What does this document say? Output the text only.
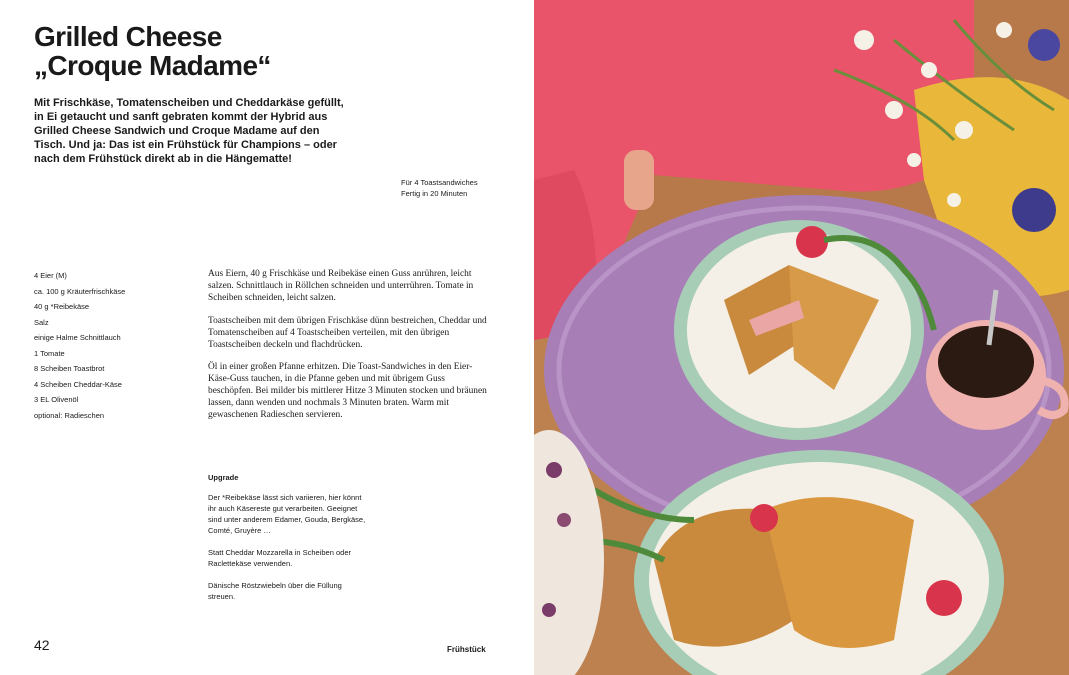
Grilled Cheese
„Croque Madame“

Mit Frischkäse, Tomatenscheiben und Cheddarkäse gefüllt, in Ei getaucht und sanft gebraten kommt der Hybrid aus Grilled Cheese Sandwich und Croque Madame auf den Tisch. Und ja: Das ist ein Frühstück für Champions – oder nach dem Frühstück direkt ab in die Hängematte!

Für 4 Toastsandwiches
Fertig in 20 Minuten
4 Eier (M)
ca. 100 g Kräuterfrischkäse
40 g *Reibekäse
Salz
einige Halme Schnittlauch
1 Tomate
8 Scheiben Toastbrot
4 Scheiben Cheddar-Käse
3 EL Olivenöl
optional: Radieschen

Aus Eiern, 40 g Frischkäse und Reibekäse einen Guss anrühren, leicht salzen. Schnittlauch in Röllchen schneiden und unterrühren. Tomate in Scheiben schneiden, leicht salzen.

Toastscheiben mit dem übrigen Frischkäse dünn bestreichen, Cheddar und Tomatenscheiben auf 4 Toastscheiben verteilen, mit den übrigen Toastscheiben deckeln und flachdrücken.

Öl in einer großen Pfanne erhitzen. Die Toast-Sandwiches in den Eier-Käse-Guss tauchen, in die Pfanne geben und mit übrigem Guss beschöpfen. Bei milder bis mittlerer Hitze 3 Minuten stocken und bräunen lassen, dann wenden und nochmals 3 Minuten braten. Warm mit gewaschenen Radieschen servieren.

Upgrade

Der *Reibekäse lässt sich variieren, hier könnt ihr auch Käsereste gut verarbeiten. Geeignet sind unter anderem Edamer, Gouda, Bergkäse, Comté, Gruyère …

Statt Cheddar Mozzarella in Scheiben oder Raclettekäse verwenden.

Dänische Röstzwiebeln über die Füllung streuen.

42	Frühstück
